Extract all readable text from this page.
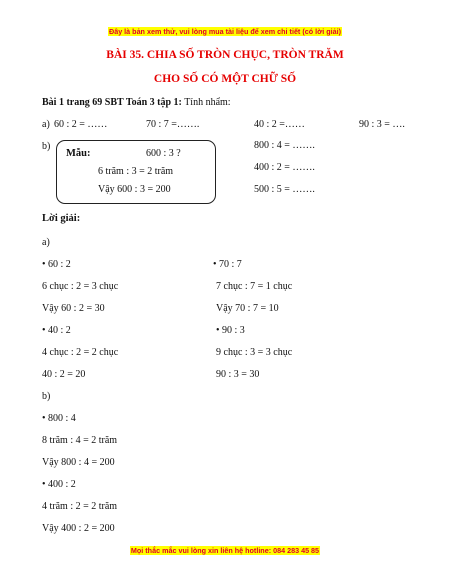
Đây là bản xem thử, vui lòng mua tài liệu để xem chi tiết (có lời giải)
BÀI 35. CHIA SỐ TRÒN CHỤC, TRÒN TRĂM
CHO SỐ CÓ MỘT CHỮ SỐ
Bài 1 trang 69 SBT Toán 3 tập 1: Tính nhẩm:
a) 60 : 2 = ……	70 : 7 =…….	40 : 2 =……	90 : 3 = ….
b)
Mẫu:	600 : 3 ?
6 trăm : 3 = 2 trăm
Vậy 600 : 3 = 200
800 : 4 = …….
400 : 2 = …….
500 : 5 = …….
Lời giải:
a)
• 60 : 2
6 chục : 2 = 3 chục
Vậy 60 : 2 = 30
• 40 : 2
4 chục : 2 = 2 chục
40 : 2 = 20
• 70 : 7
7 chục : 7 = 1 chục
Vậy 70 : 7 = 10
• 90 : 3
9 chục : 3 = 3 chục
90 : 3 = 30
b)
• 800 : 4
8 trăm : 4 = 2 trăm
Vậy 800 : 4 = 200
• 400 : 2
4 trăm : 2 = 2 trăm
Vậy 400 : 2 = 200
Mọi thắc mắc vui lòng xin liên hệ hotline: 084 283 45 85
